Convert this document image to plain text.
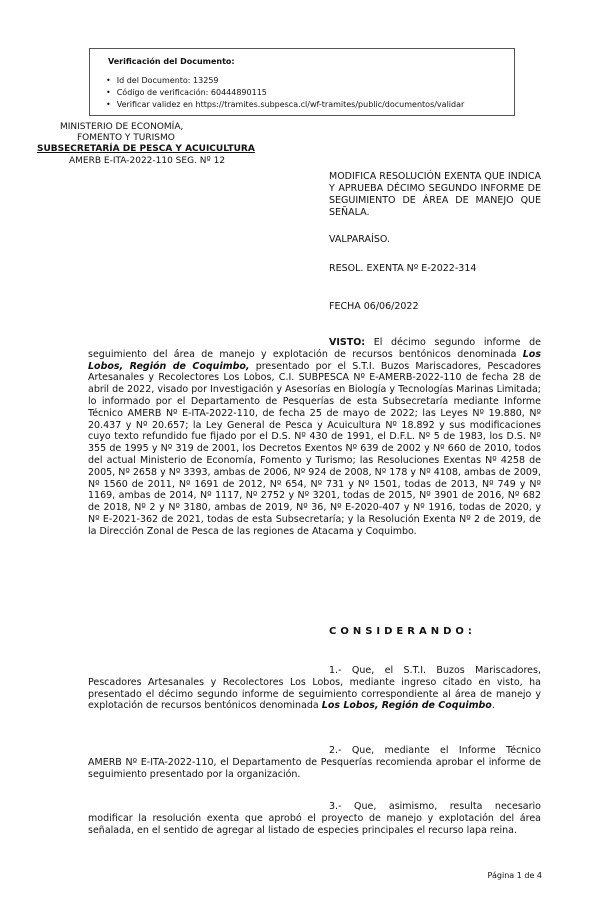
Verificación del Documento:
• Id del Documento: 13259
• Código de verificación: 60444890115
• Verificar validez en https://tramites.subpesca.cl/wf-tramites/public/documentos/validar
MINISTERIO DE ECONOMÍA,
FOMENTO Y TURISMO
SUBSECRETARÍA DE PESCA Y ACUICULTURA
AMERB E-ITA-2022-110 SEG. Nº 12
MODIFICA RESOLUCIÓN EXENTA QUE INDICA Y APRUEBA DÉCIMO SEGUNDO INFORME DE SEGUIMIENTO DE ÁREA DE MANEJO QUE SEÑALA.
VALPARAÍSO.
RESOL. EXENTA Nº E-2022-314
FECHA 06/06/2022

VISTO: El décimo segundo informe de seguimiento del área de manejo y explotación de recursos bentónicos denominada Los Lobos, Región de Coquimbo, presentado por el S.T.I. Buzos Mariscadores, Pescadores Artesanales y Recolectores Los Lobos, C.I. SUBPESCA Nº E-AMERB-2022-110 de fecha 28 de abril de 2022, visado por Investigación y Asesorías en Biología y Tecnologías Marinas Limitada; lo informado por el Departamento de Pesquerías de esta Subsecretaría mediante Informe Técnico AMERB Nº E-ITA-2022-110, de fecha 25 de mayo de 2022; las Leyes Nº 19.880, Nº 20.437 y Nº 20.657; la Ley General de Pesca y Acuicultura Nº 18.892 y sus modificaciones cuyo texto refundido fue fijado por el D.S. Nº 430 de 1991, el D.F.L. Nº 5 de 1983, los D.S. Nº 355 de 1995 y Nº 319 de 2001, los Decretos Exentos Nº 639 de 2002 y Nº 660 de 2010, todos del actual Ministerio de Economía, Fomento y Turismo; las Resoluciones Exentas Nº 4258 de 2005, Nº 2658 y Nº 3393, ambas de 2006, Nº 924 de 2008, Nº 178 y Nº 4108, ambas de 2009, Nº 1560 de 2011, Nº 1691 de 2012, Nº 654, Nº 731 y Nº 1501, todas de 2013, Nº 749 y Nº 1169, ambas de 2014, Nº 1117, Nº 2752 y Nº 3201, todas de 2015, Nº 3901 de 2016, Nº 682 de 2018, Nº 2 y Nº 3180, ambas de 2019, Nº 36, Nº E-2020-407 y Nº 1916, todas de 2020, y Nº E-2021-362 de 2021, todas de esta Subsecretaría; y la Resolución Exenta Nº 2 de 2019, de la Dirección Zonal de Pesca de las regiones de Atacama y Coquimbo.

CONSIDERANDO:

1.- Que, el S.T.I. Buzos Mariscadores, Pescadores Artesanales y Recolectores Los Lobos, mediante ingreso citado en visto, ha presentado el décimo segundo informe de seguimiento correspondiente al área de manejo y explotación de recursos bentónicos denominada Los Lobos, Región de Coquimbo.

2.- Que, mediante el Informe Técnico AMERB Nº E-ITA-2022-110, el Departamento de Pesquerías recomienda aprobar el informe de seguimiento presentado por la organización.

3.- Que, asimismo, resulta necesario modificar la resolución exenta que aprobó el proyecto de manejo y explotación del área señalada, en el sentido de agregar al listado de especies principales el recurso lapa reina.

Página 1 de 4
